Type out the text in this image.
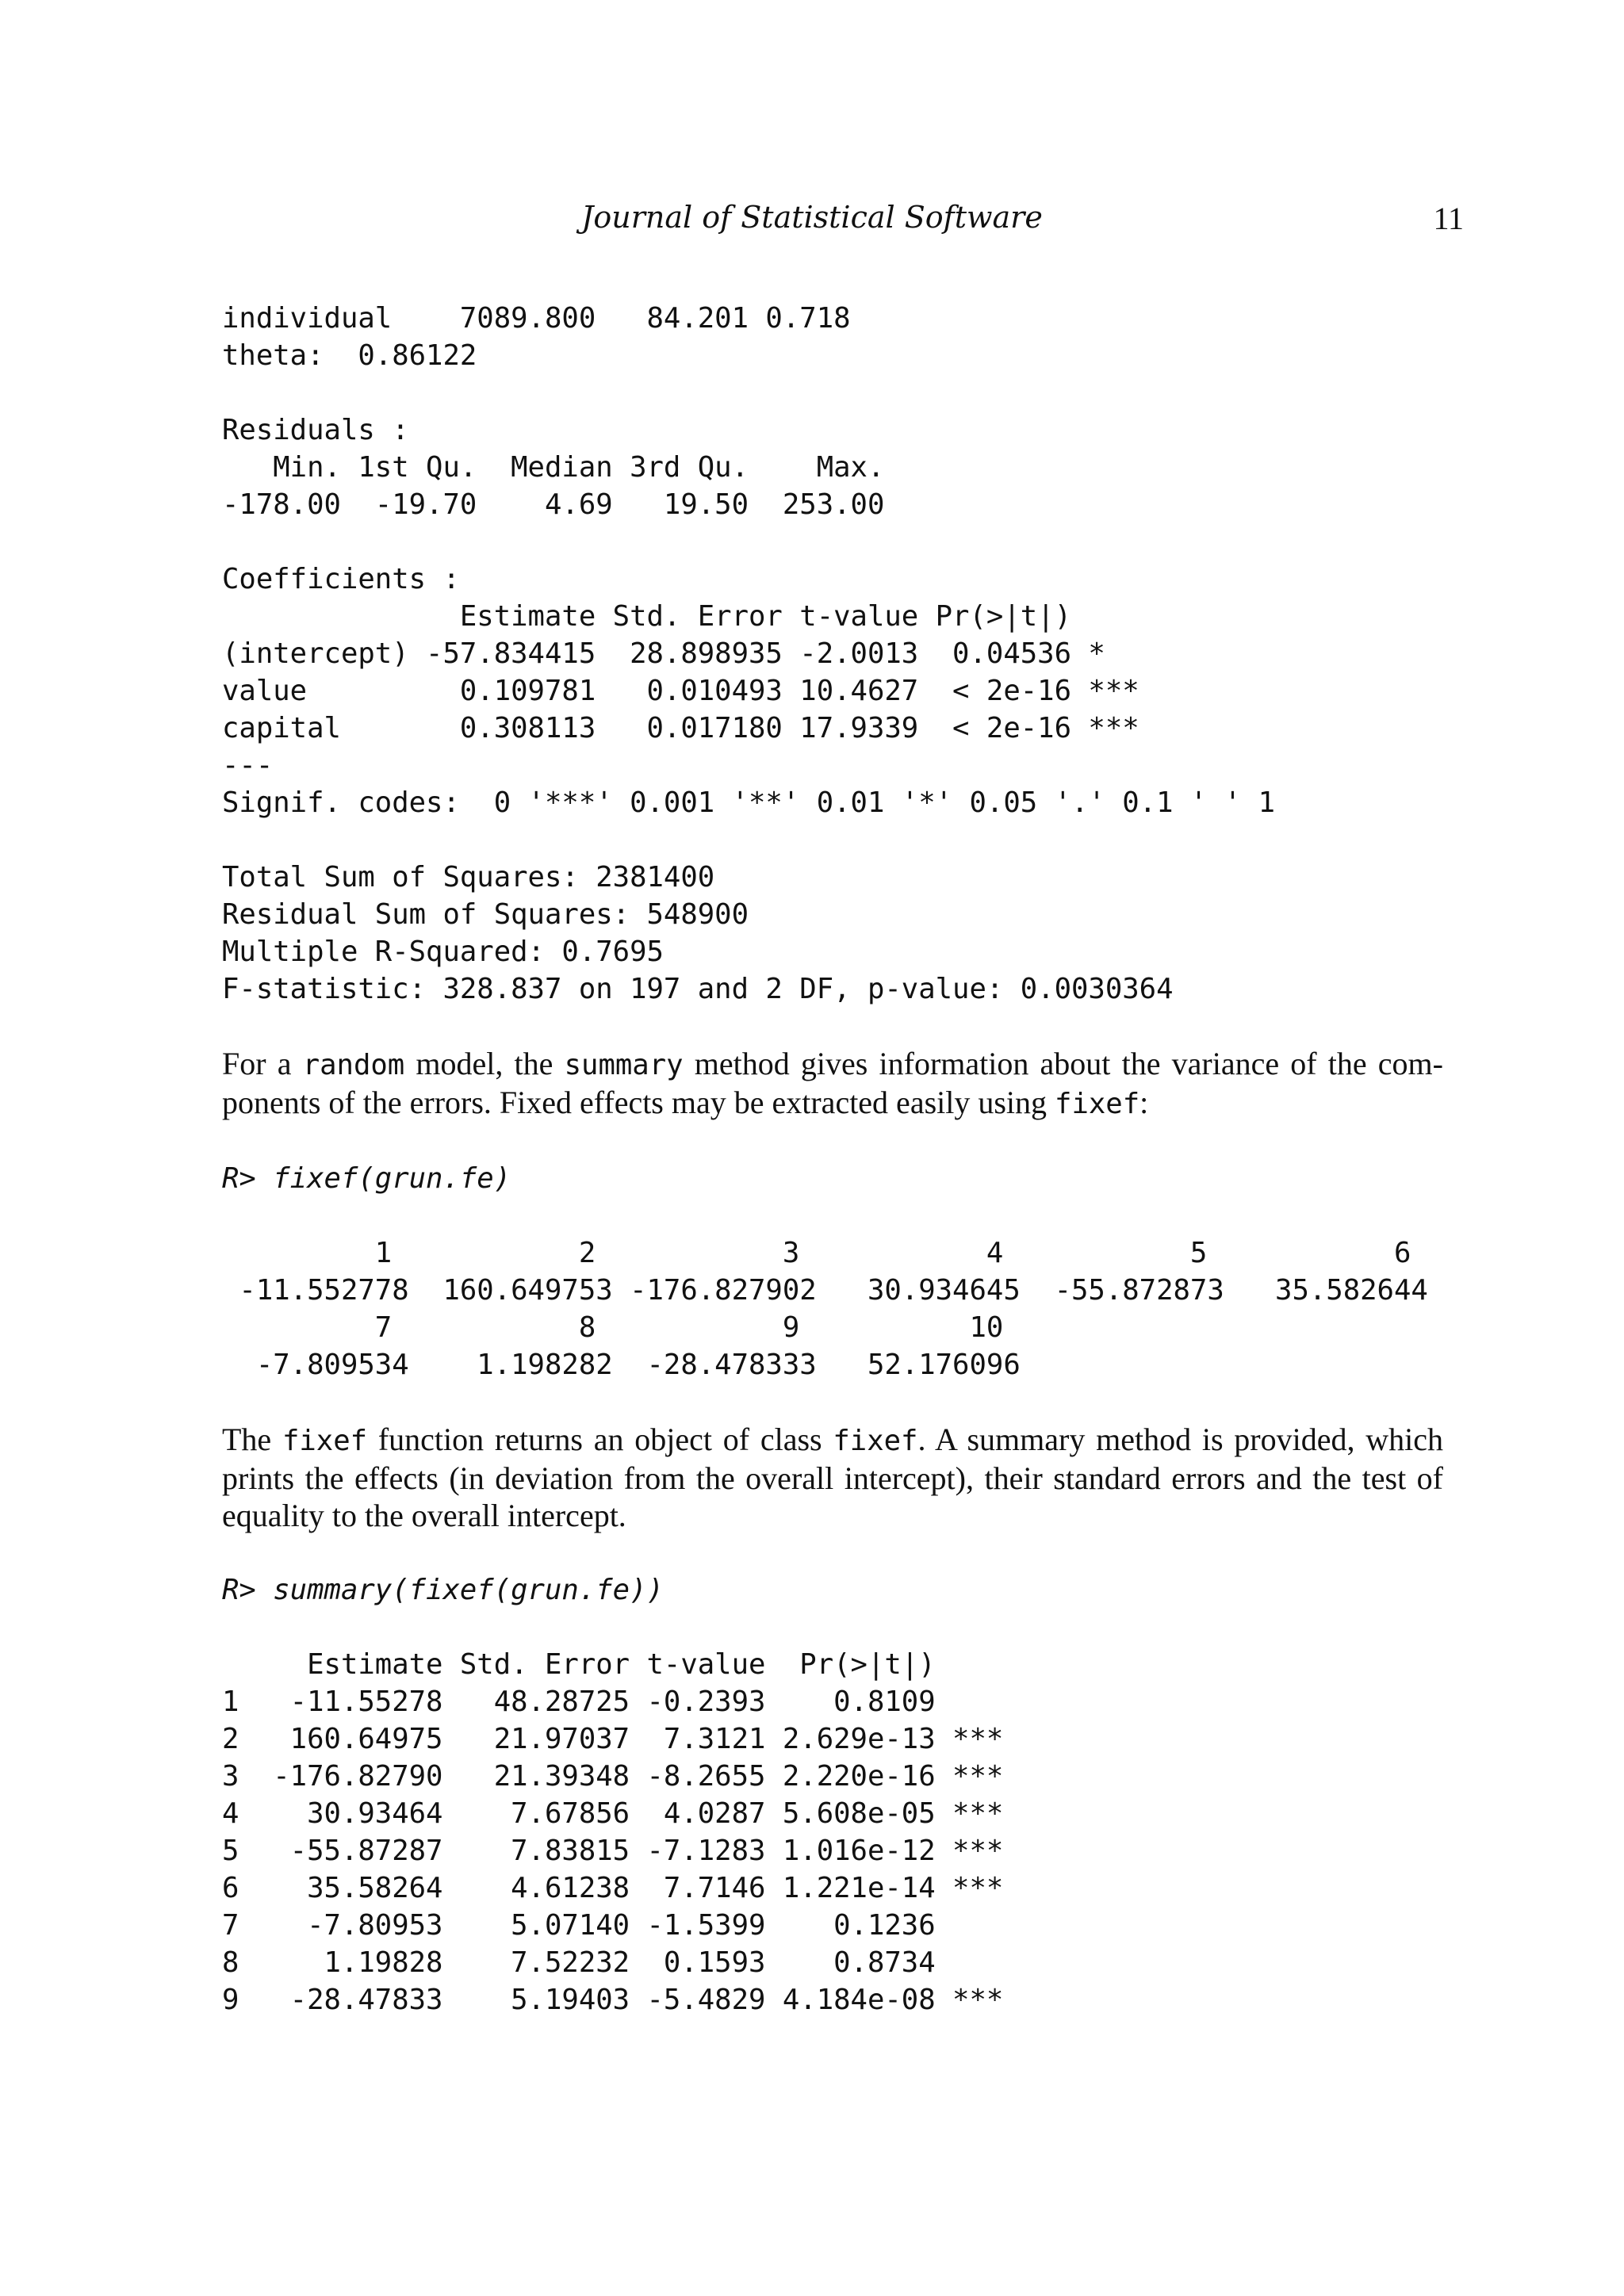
Journal of Statistical Software	11
individual    7089.800   84.201 0.718
theta:  0.86122

Residuals :
Min. 1st Qu.  Median 3rd Qu.    Max.
-178.00  -19.70    4.69   19.50  253.00

Coefficients :
Estimate Std. Error t-value Pr(>|t|)
(intercept) -57.834415  28.898935 -2.0013  0.04536 *
value         0.109781   0.010493 10.4627  < 2e-16 ***
capital       0.308113   0.017180 17.9339  < 2e-16 ***
---
Signif. codes:  0 '***' 0.001 '**' 0.01 '*' 0.05 '.' 0.1 ' ' 1

Total Sum of Squares: 2381400
Residual Sum of Squares: 548900
Multiple R-Squared: 0.7695
F-statistic: 328.837 on 197 and 2 DF, p-value: 0.0030364

For a random model, the summary method gives information about the variance of the com-ponents of the errors. Fixed effects may be extracted easily using fixef:

R> fixef(grun.fe)

1           2           3           4           5           6
-11.552778  160.649753 -176.827902   30.934645  -55.872873   35.582644
7           8           9          10
-7.809534    1.198282  -28.478333   52.176096

The fixef function returns an object of class fixef. A summary method is provided, which prints the effects (in deviation from the overall intercept), their standard errors and the test of equality to the overall intercept.

R> summary(fixef(grun.fe))

Estimate Std. Error t-value  Pr(>|t|)
1   -11.55278   48.28725 -0.2393    0.8109
2   160.64975   21.97037  7.3121 2.629e-13 ***
3  -176.82790   21.39348 -8.2655 2.220e-16 ***
4    30.93464    7.67856  4.0287 5.608e-05 ***
5   -55.87287    7.83815 -7.1283 1.016e-12 ***
6    35.58264    4.61238  7.7146 1.221e-14 ***
7    -7.80953    5.07140 -1.5399    0.1236
8     1.19828    7.52232  0.1593    0.8734
9   -28.47833    5.19403 -5.4829 4.184e-08 ***
